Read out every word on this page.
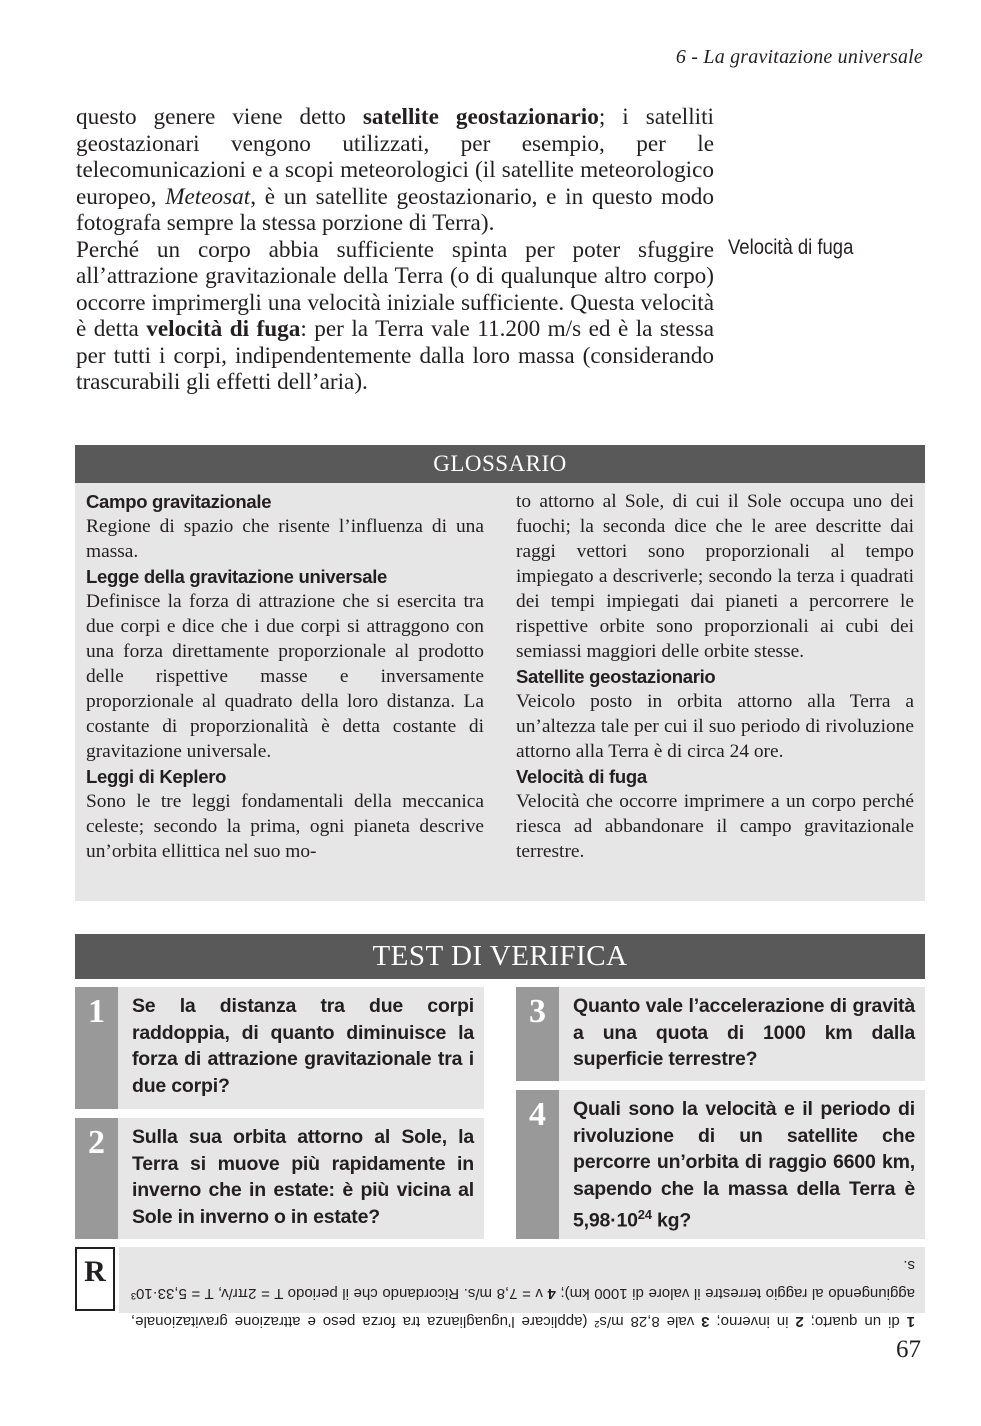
6 - La gravitazione universale

questo genere viene detto satellite geostazionario; i satelliti geostazionari vengono utilizzati, per esempio, per le telecomunicazioni e a scopi meteorologici (il satellite meteorologico europeo, Meteosat, è un satellite geostazionario, e in questo modo fotografa sempre la stessa porzione di Terra).

Perché un corpo abbia sufficiente spinta per poter sfuggire all’attrazione gravitazionale della Terra (o di qualunque altro corpo) occorre imprimergli una velocità iniziale sufficiente. Questa velocità è detta velocità di fuga: per la Terra vale 11.200 m/s ed è la stessa per tutti i corpi, indipendentemente dalla loro massa (considerando trascurabili gli effetti dell’aria).

Velocità di fuga
GLOSSARIO
Campo gravitazionale

Regione di spazio che risente l’influenza di una massa.

Legge della gravitazione universale

Definisce la forza di attrazione che si esercita tra due corpi e dice che i due corpi si attraggono con una forza direttamente proporzionale al prodotto delle rispettive masse e inversamente proporzionale al quadrato della loro distanza. La costante di proporzionalità è detta costante di gravitazione universale.

Leggi di Keplero

Sono le tre leggi fondamentali della meccanica celeste; secondo la prima, ogni pianeta descrive un’orbita ellittica nel suo mo-

to attorno al Sole, di cui il Sole occupa uno dei fuochi; la seconda dice che le aree descritte dai raggi vettori sono proporzionali al tempo impiegato a descriverle; secondo la terza i quadrati dei tempi impiegati dai pianeti a percorrere le rispettive orbite sono proporzionali ai cubi dei semiassi maggiori delle orbite stesse.

Satellite geostazionario

Veicolo posto in orbita attorno alla Terra a un’altezza tale per cui il suo periodo di rivoluzione attorno alla Terra è di circa 24 ore.

Velocità di fuga

Velocità che occorre imprimere a un corpo perché riesca ad abbandonare il campo gravitazionale terrestre.

TEST DI VERIFICA
1	Se la distanza tra due corpi raddoppia, di quanto diminuisce la forza di attrazione gravitazionale tra i due corpi?
2	Sulla sua orbita attorno al Sole, la Terra si muove più rapidamente in inverno che in estate: è più vicina al Sole in inverno o in estate?
3	Quanto vale l’accelerazione di gravità a una quota di 1000 km dalla superficie terrestre?
4	Quali sono la velocità e il periodo di rivoluzione di un satellite che percorre un’orbita di raggio 6600 km, sapendo che la massa della Terra è $5,98\cdot 10^{24}$ kg?
R
1 di un quarto; 2 in inverno; 3 vale 8,28 m/s² (applicare l’uguaglianza tra forza peso e attrazione gravitazionale, aggiungendo al raggio terrestre il valore di 1000 km); 4 v = 7,8 m/s. Ricordando che il periodo T = 2πr/v, T = 5,33·10³ s.
67
